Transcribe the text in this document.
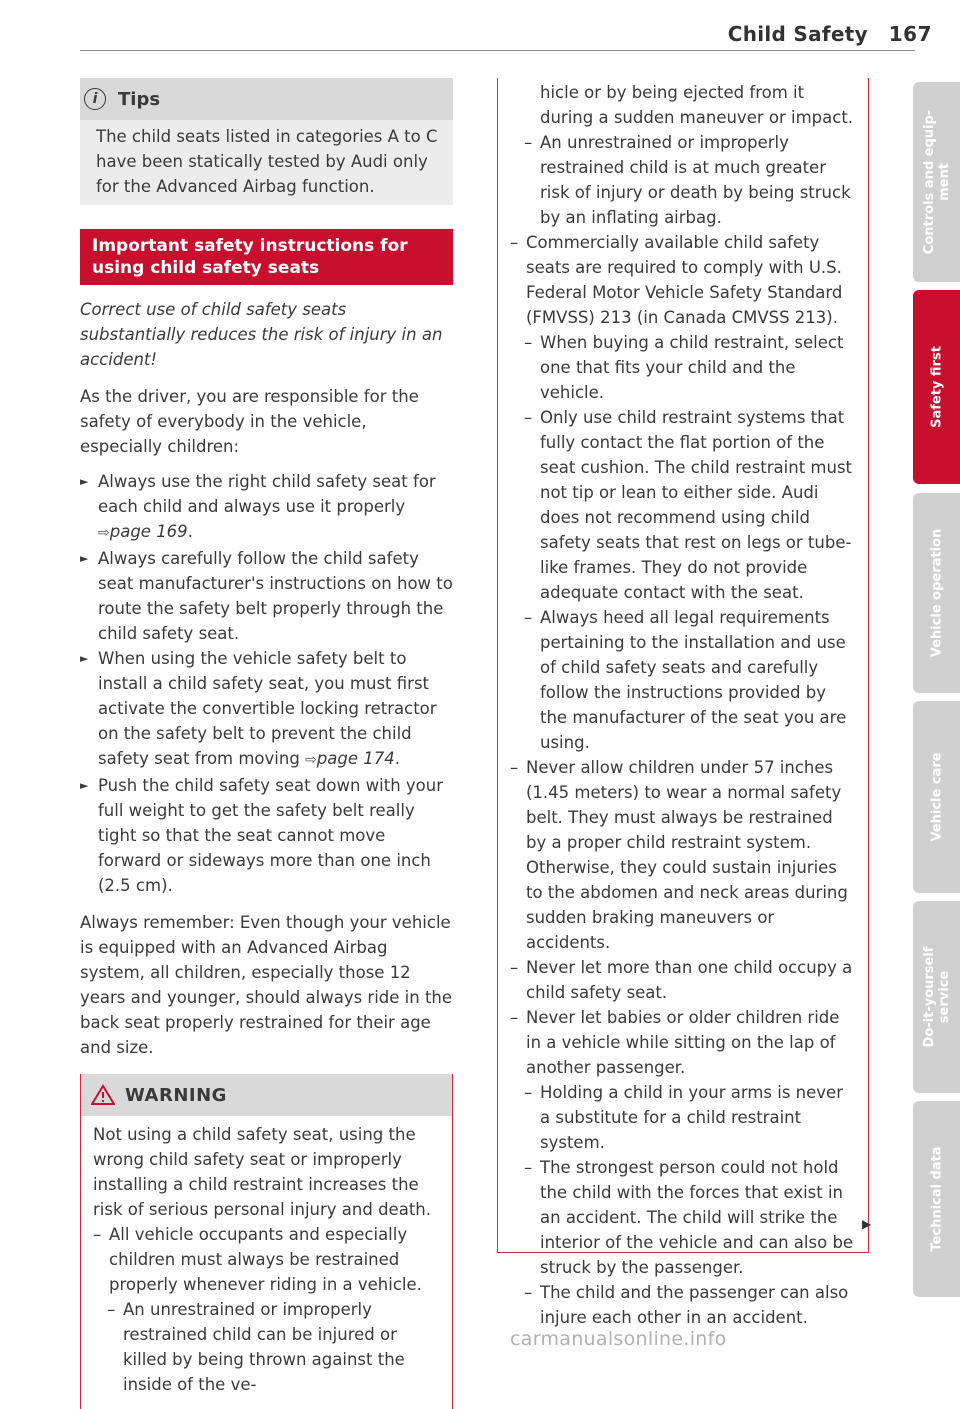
Child Safety 167
i	Tips
The child seats listed in categories A to C have been statically tested by Audi only for the Advanced Airbag function.
Important safety instructions for using child safety seats

Correct use of child safety seats substantially reduces the risk of injury in an accident!

As the driver, you are responsible for the safety of everybody in the vehicle, especially children:

► Always use the right child safety seat for each child and always use it properly ⇨page 169.
► Always carefully follow the child safety seat manufacturer's instructions on how to route the safety belt properly through the child safety seat.
► When using the vehicle safety belt to install a child safety seat, you must first activate the convertible locking retractor on the safety belt to prevent the child safety seat from moving ⇨page 174.
► Push the child safety seat down with your full weight to get the safety belt really tight so that the seat cannot move forward or sideways more than one inch (2.5 cm).

Always remember: Even though your vehicle is equipped with an Advanced Airbag system, all children, especially those 12 years and younger, should always ride in the back seat properly restrained for their age and size.

WARNING

Not using a child safety seat, using the wrong child safety seat or improperly installing a child restraint increases the risk of serious personal injury and death.

– All vehicle occupants and especially children must always be restrained properly whenever riding in a vehicle.
– An unrestrained or improperly restrained child can be injured or killed by being thrown against the inside of the ve-
hicle or by being ejected from it during a sudden maneuver or impact.
– An unrestrained or improperly restrained child is at much greater risk of injury or death by being struck by an inflating airbag.
– Commercially available child safety seats are required to comply with U.S. Federal Motor Vehicle Safety Standard (FMVSS) 213 (in Canada CMVSS 213).
– When buying a child restraint, select one that fits your child and the vehicle.
– Only use child restraint systems that fully contact the flat portion of the seat cushion. The child restraint must not tip or lean to either side. Audi does not recommend using child safety seats that rest on legs or tube-like frames. They do not provide adequate contact with the seat.
– Always heed all legal requirements pertaining to the installation and use of child safety seats and carefully follow the instructions provided by the manufacturer of the seat you are using.
– Never allow children under 57 inches (1.45 meters) to wear a normal safety belt. They must always be restrained by a proper child restraint system. Otherwise, they could sustain injuries to the abdomen and neck areas during sudden braking maneuvers or accidents.
– Never let more than one child occupy a child safety seat.
– Never let babies or older children ride in a vehicle while sitting on the lap of another passenger.
– Holding a child in your arms is never a substitute for a child restraint system.
– The strongest person could not hold the child with the forces that exist in an accident. The child will strike the interior of the vehicle and can also be struck by the passenger.
– The child and the passenger can also injure each other in an accident.
▶
Controls and equip-
ment
Safety first
Vehicle operation
Vehicle care
Do-it-yourself
service
Technical data
carmanualsonline.info
